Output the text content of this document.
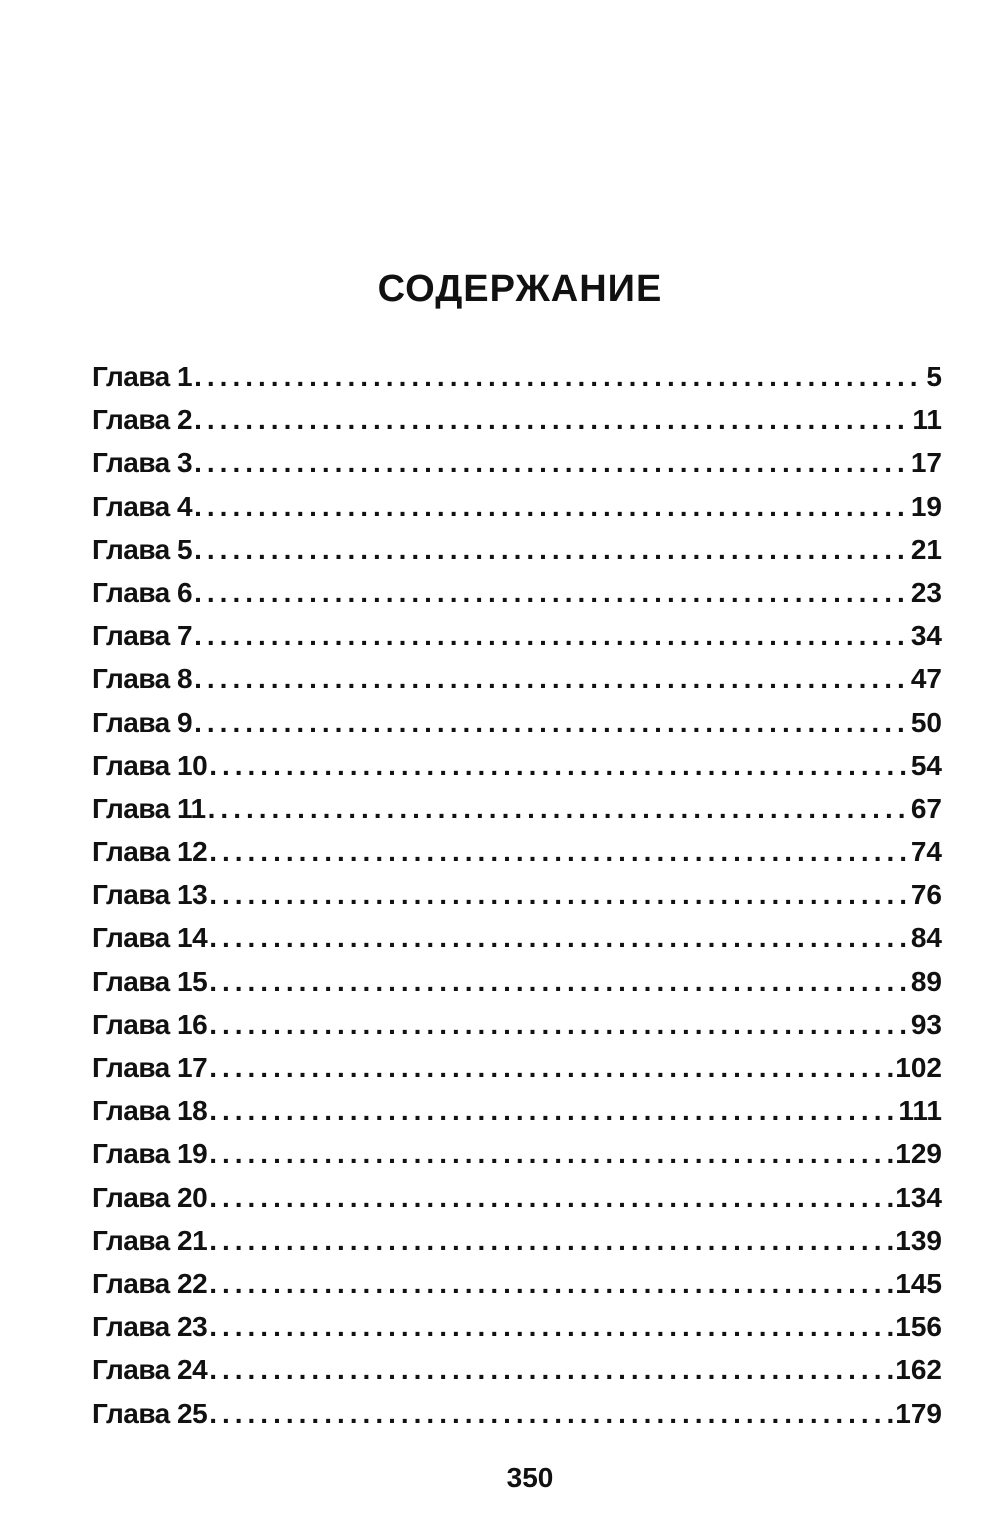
СОДЕРЖАНИЕ
Глава 1 .....	5
Глава 2 .....	11
Глава 3 .....	17
Глава 4 .....	19
Глава 5 .....	21
Глава 6 .....	23
Глава 7 .....	34
Глава 8 .....	47
Глава 9 .....	50
Глава 10 .....	54
Глава 11 .....	67
Глава 12 .....	74
Глава 13 .....	76
Глава 14 .....	84
Глава 15 .....	89
Глава 16 .....	93
Глава 17 .....	102
Глава 18 .....	111
Глава 19 .....	129
Глава 20 .....	134
Глава 21 .....	139
Глава 22 .....	145
Глава 23 .....	156
Глава 24 .....	162
Глава 25 .....	179
350
